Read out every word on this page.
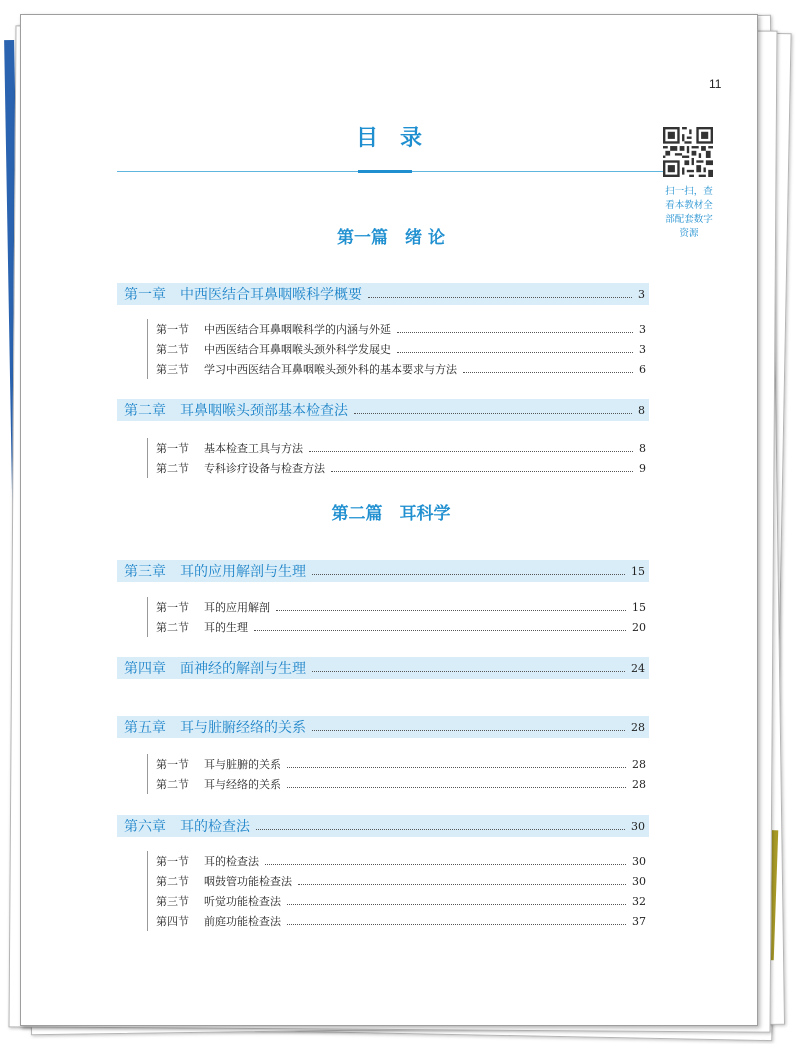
11
目录
扫一扫，查
看本教材全
部配套数字
资源
第一篇　绪 论
第一章 中西医结合耳鼻咽喉科学概要	3
第一节	中西医结合耳鼻咽喉科学的内涵与外延	3
第二节	中西医结合耳鼻咽喉头颈外科学发展史	3
第三节	学习中西医结合耳鼻咽喉头颈外科的基本要求与方法	6
第二章 耳鼻咽喉头颈部基本检查法	8
第一节	基本检查工具与方法	8
第二节	专科诊疗设备与检查方法	9
第二篇　耳科学
第三章 耳的应用解剖与生理	15
第一节	耳的应用解剖	15
第二节	耳的生理	20
第四章 面神经的解剖与生理	24
第五章 耳与脏腑经络的关系	28
第一节	耳与脏腑的关系	28
第二节	耳与经络的关系	28
第六章 耳的检查法	30
第一节	耳的检查法	30
第二节	咽鼓管功能检查法	30
第三节	听觉功能检查法	32
第四节	前庭功能检查法	37
